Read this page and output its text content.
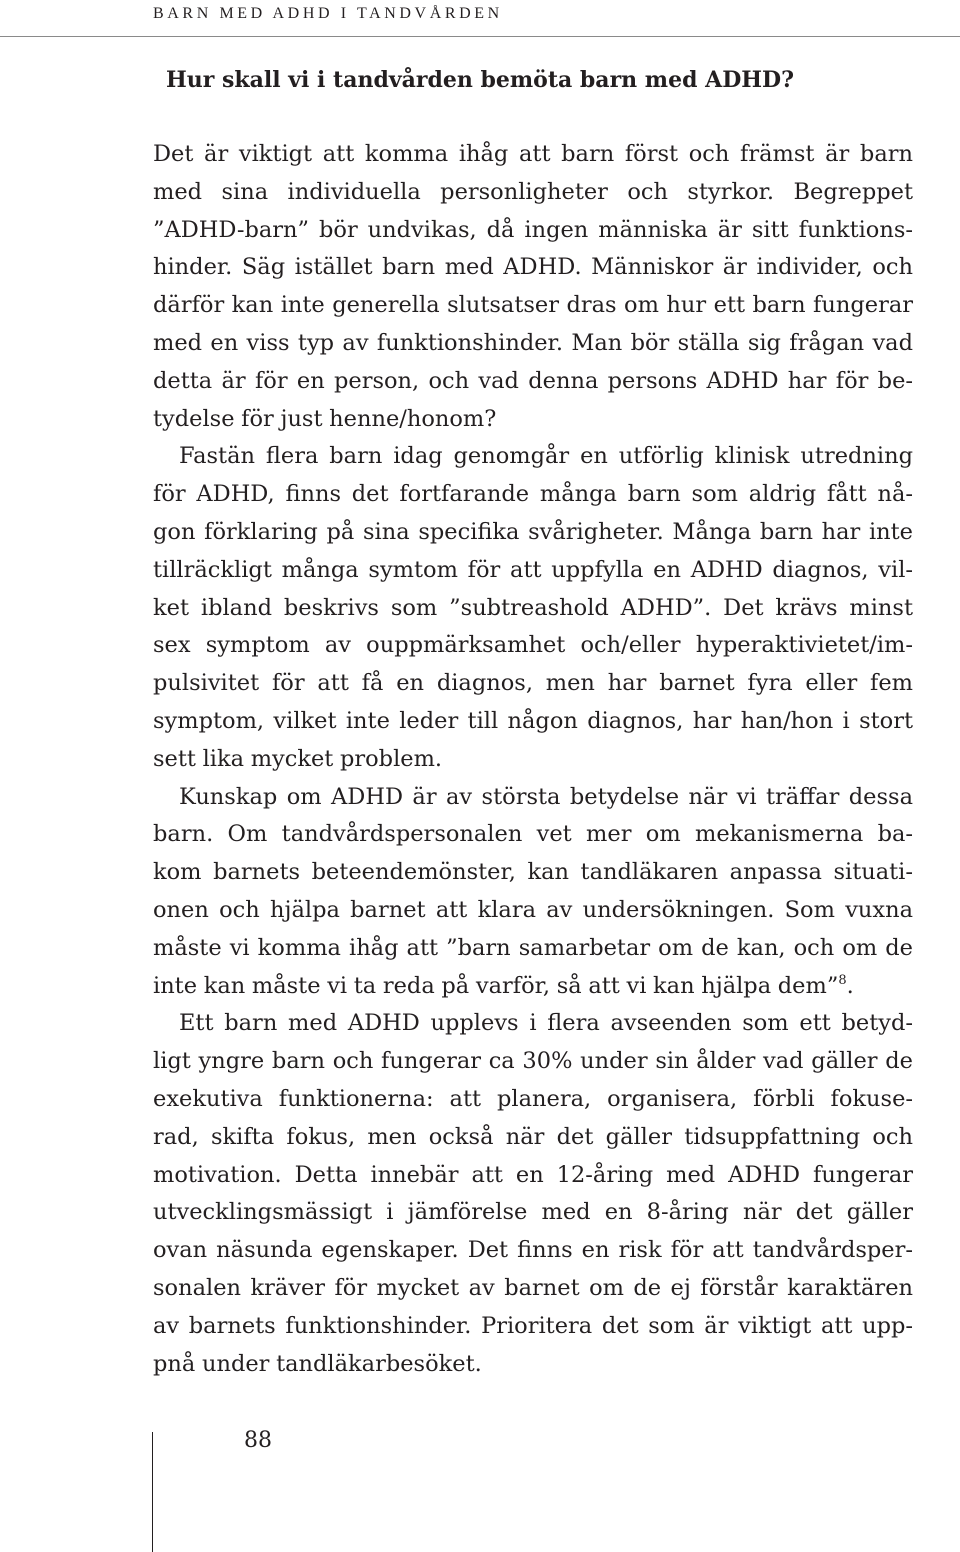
BARN MED ADHD I TANDVÅRDEN
Hur skall vi i tandvården bemöta barn med ADHD?
Det är viktigt att komma ihåg att barn först och främst är barn
med sina individuella personligheter och styrkor. Begreppet
”ADHD-barn” bör undvikas, då ingen människa är sitt funktions-
hinder. Säg istället barn med ADHD. Människor är individer, och
därför kan inte generella slutsatser dras om hur ett barn fungerar
med en viss typ av funktionshinder. Man bör ställa sig frågan vad
detta är för en person, och vad denna persons ADHD har för be-
tydelse för just henne/honom?
Fastän flera barn idag genomgår en utförlig klinisk utredning
för ADHD, finns det fortfarande många barn som aldrig fått nå-
gon förklaring på sina specifika svårigheter. Många barn har inte
tillräckligt många symtom för att uppfylla en ADHD diagnos, vil-
ket ibland beskrivs som ”subtreashold ADHD”. Det krävs minst
sex symptom av ouppmärksamhet och/eller hyperaktivietet/im-
pulsivitet för att få en diagnos, men har barnet fyra eller fem
symptom, vilket inte leder till någon diagnos, har han/hon i stort
sett lika mycket problem.
Kunskap om ADHD är av största betydelse när vi träffar dessa
barn. Om tandvårdspersonalen vet mer om mekanismerna ba-
kom barnets beteendemönster, kan tandläkaren anpassa situati-
onen och hjälpa barnet att klara av undersökningen. Som vuxna
måste vi komma ihåg att ”barn samarbetar om de kan, och om de
inte kan måste vi ta reda på varför, så att vi kan hjälpa dem”$^8$.
Ett barn med ADHD upplevs i flera avseenden som ett betyd-
ligt yngre barn och fungerar ca 30% under sin ålder vad gäller de
exekutiva funktionerna: att planera, organisera, förbli fokuse-
rad, skifta fokus, men också när det gäller tidsuppfattning och
motivation. Detta innebär att en 12-åring med ADHD fungerar
utvecklingsmässigt i jämförelse med en 8-åring när det gäller
ovan näsunda egenskaper. Det finns en risk för att tandvårdsper-
sonalen kräver för mycket av barnet om de ej förstår karaktären
av barnets funktionshinder. Prioritera det som är viktigt att upp-
pnå under tandläkarbesöket.
88
